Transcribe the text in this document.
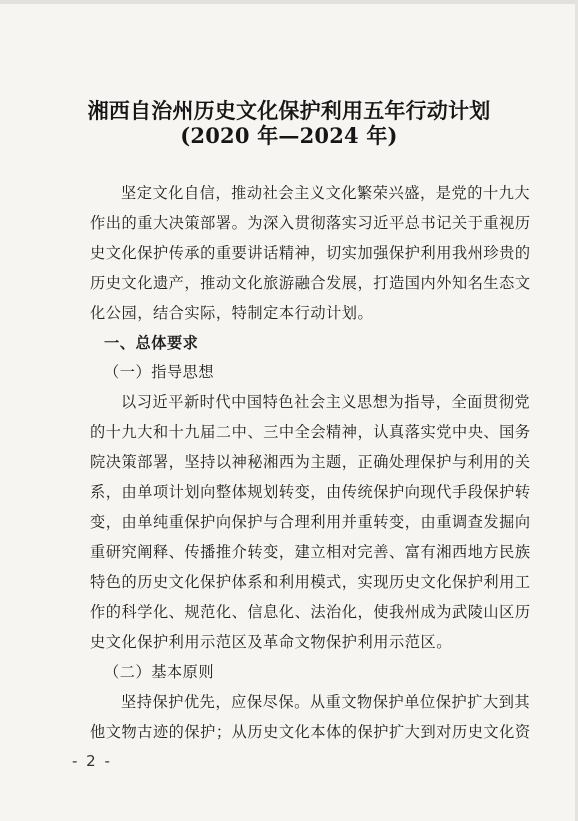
湘西自治州历史文化保护利用五年行动计划
(2020 年—2024 年)
坚定文化自信，推动社会主义文化繁荣兴盛，是党的十九大
作出的重大决策部署。为深入贯彻落实习近平总书记关于重视历
史文化保护传承的重要讲话精神，切实加强保护利用我州珍贵的
历史文化遗产，推动文化旅游融合发展，打造国内外知名生态文
化公园，结合实际，特制定本行动计划。
一、总体要求
（一）指导思想
以习近平新时代中国特色社会主义思想为指导，全面贯彻党
的十九大和十九届二中、三中全会精神，认真落实党中央、国务
院决策部署，坚持以神秘湘西为主题，正确处理保护与利用的关
系，由单项计划向整体规划转变，由传统保护向现代手段保护转
变，由单纯重保护向保护与合理利用并重转变，由重调查发掘向
重研究阐释、传播推介转变，建立相对完善、富有湘西地方民族
特色的历史文化保护体系和利用模式，实现历史文化保护利用工
作的科学化、规范化、信息化、法治化，使我州成为武陵山区历
史文化保护利用示范区及革命文物保护利用示范区。
（二）基本原则
坚持保护优先，应保尽保。从重文物保护单位保护扩大到其
他文物古迹的保护；从历史文化本体的保护扩大到对历史文化资
- 2 -
